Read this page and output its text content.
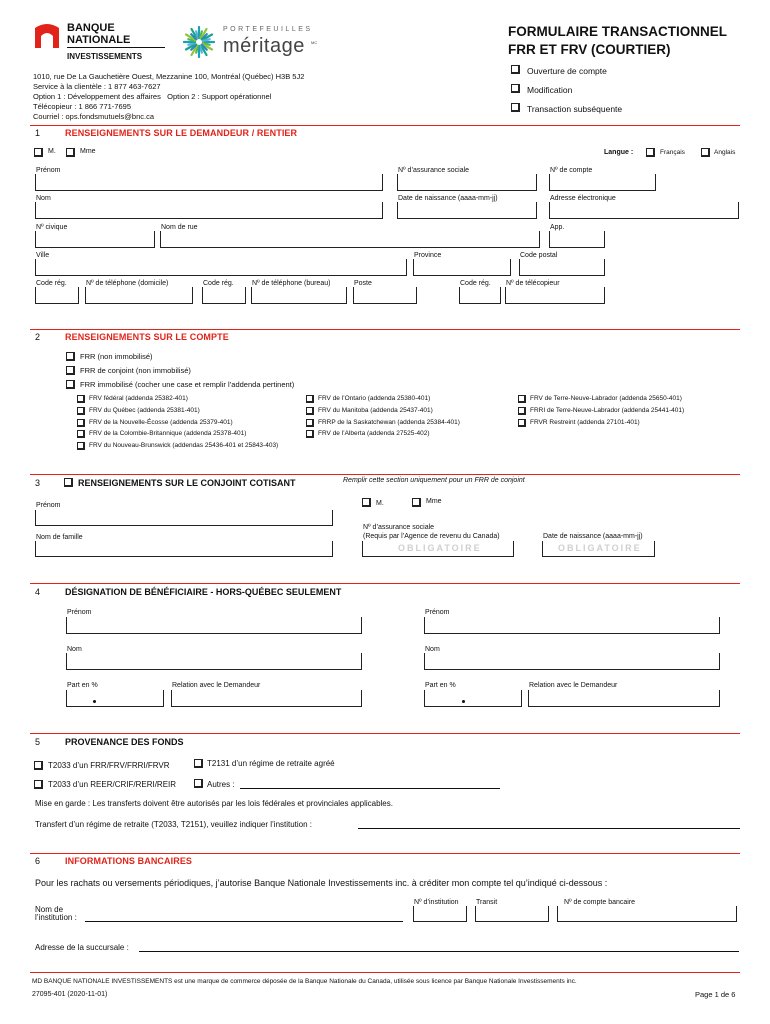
BANQUE
NATIONALE
INVESTISSEMENTS
PORTEFEUILLES
méritage MC
1010, rue De La Gauchetière Ouest, Mezzanine 100, Montréal (Québec) H3B 5J2
Service à la clientèle : 1 877 463-7627
Option 1 : Développement des affaires   Option 2 : Support opérationnel
Télécopieur : 1 866 771-7695
Courriel : ops.fondsmutuels@bnc.ca
FORMULAIRE TRANSACTIONNEL
FRR ET FRV (COURTIER)
Ouverture de compte
Modification
Transaction subséquente
1	RENSEIGNEMENTS SUR LE DEMANDEUR / RENTIER
M.	Mme	Langue :	Français	Anglais
Prénom	Nº d’assurance sociale	Nº de compte
Nom	Date de naissance (aaaa-mm-jj)	Adresse électronique
Nº civique	Nom de rue	App.
Ville	Province	Code postal
Code rég.	Nº de téléphone (domicile)	Code rég.	Nº de téléphone (bureau)	Poste	Code rég. Nº de télécopieur
2	RENSEIGNEMENTS SUR LE COMPTE
FRR (non immobilisé)
FRR de conjoint (non immobilisé)
FRR immobilisé (cocher une case et remplir l’addenda pertinent)
FRV fédéral (addenda 25382-401)
FRV du Québec (addenda 25381-401)
FRV de la Nouvelle-Écosse (addenda 25379-401)
FRV de la Colombie-Britannique (addenda 25378-401)
FRV du Nouveau-Brunswick (addendas 25436-401 et 25843-403)
FRV de l’Ontario (addenda 25380-401)
FRV du Manitoba (addenda 25437-401)
FRRP de la Saskatchewan (addenda 25384-401)
FRV de l’Alberta (addenda 27525-402)
FRV de Terre-Neuve-Labrador (addenda 25650-401)
FRRI de Terre-Neuve-Labrador (addenda 25441-401)
FRVR Restreint (addenda 27101-401)
3	RENSEIGNEMENTS SUR LE CONJOINT COTISANT	Remplir cette section uniquement pour un FRR de conjoint
Prénom	M.	Mme
Nom de famille
Nº d’assurance sociale
(Requis par l’Agence de revenu du Canada)
OBLIGATOIRE
Date de naissance (aaaa-mm-jj)
OBLIGATOIRE
4	DÉSIGNATION DE BÉNÉFICIAIRE - HORS-QUÉBEC SEULEMENT
Prénom	Prénom
Nom	Nom
Part en %	Relation avec le Demandeur	Part en %	Relation avec le Demandeur
5	PROVENANCE DES FONDS
T2033 d’un FRR/FRV/FRRI/FRVR	T2131 d’un régime de retraite agréé
T2033 d’un REER/CRIF/RERI/REIR	Autres :
Mise en garde : Les transferts doivent être autorisés par les lois fédérales et provinciales applicables.
Transfert d’un régime de retraite (T2033, T2151), veuillez indiquer l’institution :
6	INFORMATIONS BANCAIRES
Pour les rachats ou versements périodiques, j’autorise Banque Nationale Investissements inc. à créditer mon compte tel qu’indiqué ci-dessous :
Nº d’institution Transit	Nº de compte bancaire
Nom de
l’institution :
Adresse de la succursale :
MD BANQUE NATIONALE INVESTISSEMENTS est une marque de commerce déposée de la Banque Nationale du Canada, utilisée sous licence par Banque Nationale Investissements inc.
27095-401 (2020-11-01)	Page 1 de 6
